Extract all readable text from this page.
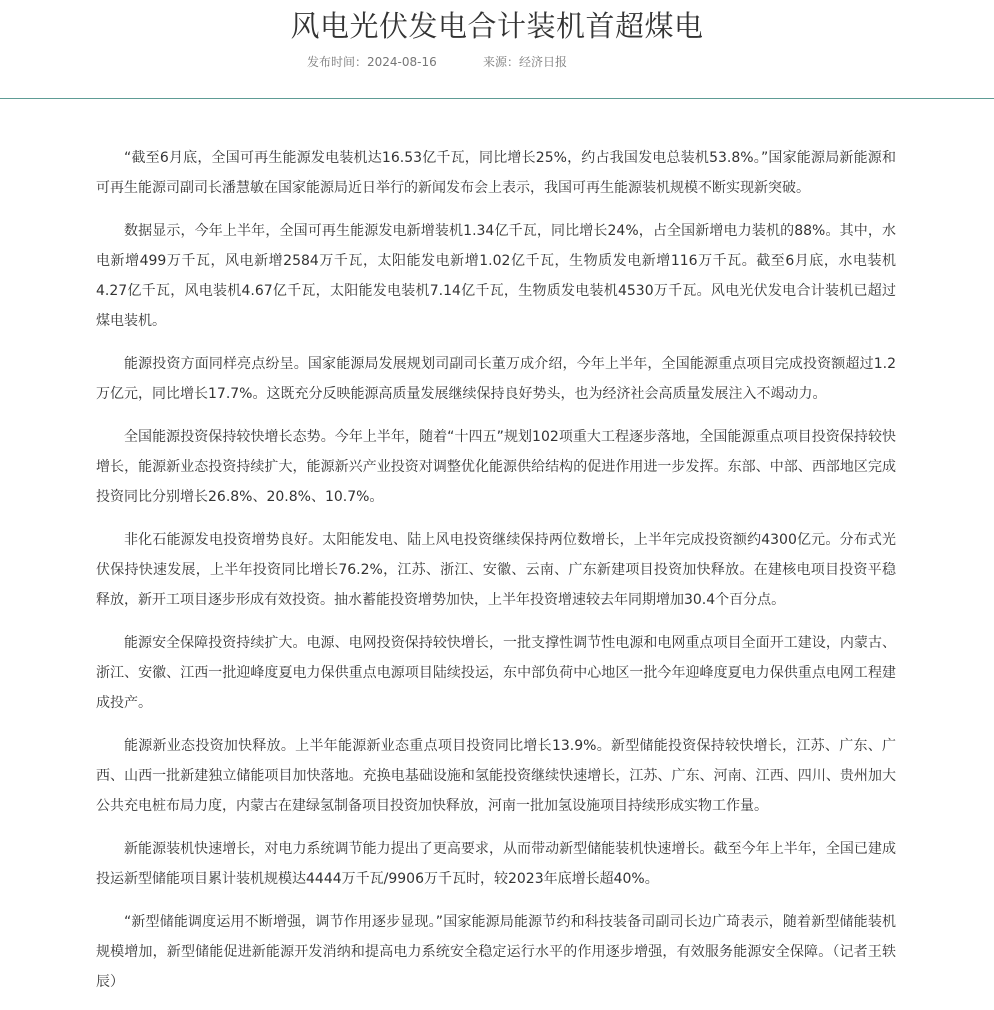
风电光伏发电合计装机首超煤电
发布时间：2024-08-16	来源：经济日报

“截至6月底，全国可再生能源发电装机达16.53亿千瓦，同比增长25%，约占我国发电总装机53.8%。”国家能源局新能源和可再生能源司副司长潘慧敏在国家能源局近日举行的新闻发布会上表示，我国可再生能源装机规模不断实现新突破。

数据显示，今年上半年，全国可再生能源发电新增装机1.34亿千瓦，同比增长24%，占全国新增电力装机的88%。其中，水电新增499万千瓦，风电新增2584万千瓦，太阳能发电新增1.02亿千瓦，生物质发电新增116万千瓦。截至6月底，水电装机4.27亿千瓦，风电装机4.67亿千瓦，太阳能发电装机7.14亿千瓦，生物质发电装机4530万千瓦。风电光伏发电合计装机已超过煤电装机。

能源投资方面同样亮点纷呈。国家能源局发展规划司副司长董万成介绍，今年上半年，全国能源重点项目完成投资额超过1.2万亿元，同比增长17.7%。这既充分反映能源高质量发展继续保持良好势头，也为经济社会高质量发展注入不竭动力。

全国能源投资保持较快增长态势。今年上半年，随着“十四五”规划102项重大工程逐步落地，全国能源重点项目投资保持较快增长，能源新业态投资持续扩大，能源新兴产业投资对调整优化能源供给结构的促进作用进一步发挥。东部、中部、西部地区完成投资同比分别增长26.8%、20.8%、10.7%。

非化石能源发电投资增势良好。太阳能发电、陆上风电投资继续保持两位数增长，上半年完成投资额约4300亿元。分布式光伏保持快速发展，上半年投资同比增长76.2%，江苏、浙江、安徽、云南、广东新建项目投资加快释放。在建核电项目投资平稳释放，新开工项目逐步形成有效投资。抽水蓄能投资增势加快，上半年投资增速较去年同期增加30.4个百分点。

能源安全保障投资持续扩大。电源、电网投资保持较快增长，一批支撑性调节性电源和电网重点项目全面开工建设，内蒙古、浙江、安徽、江西一批迎峰度夏电力保供重点电源项目陆续投运，东中部负荷中心地区一批今年迎峰度夏电力保供重点电网工程建成投产。

能源新业态投资加快释放。上半年能源新业态重点项目投资同比增长13.9%。新型储能投资保持较快增长，江苏、广东、广西、山西一批新建独立储能项目加快落地。充换电基础设施和氢能投资继续快速增长，江苏、广东、河南、江西、四川、贵州加大公共充电桩布局力度，内蒙古在建绿氢制备项目投资加快释放，河南一批加氢设施项目持续形成实物工作量。

新能源装机快速增长，对电力系统调节能力提出了更高要求，从而带动新型储能装机快速增长。截至今年上半年，全国已建成投运新型储能项目累计装机规模达4444万千瓦/9906万千瓦时，较2023年底增长超40%。

“新型储能调度运用不断增强，调节作用逐步显现。”国家能源局能源节约和科技装备司副司长边广琦表示，随着新型储能装机规模增加，新型储能促进新能源开发消纳和提高电力系统安全稳定运行水平的作用逐步增强，有效服务能源安全保障。（记者王轶辰）
